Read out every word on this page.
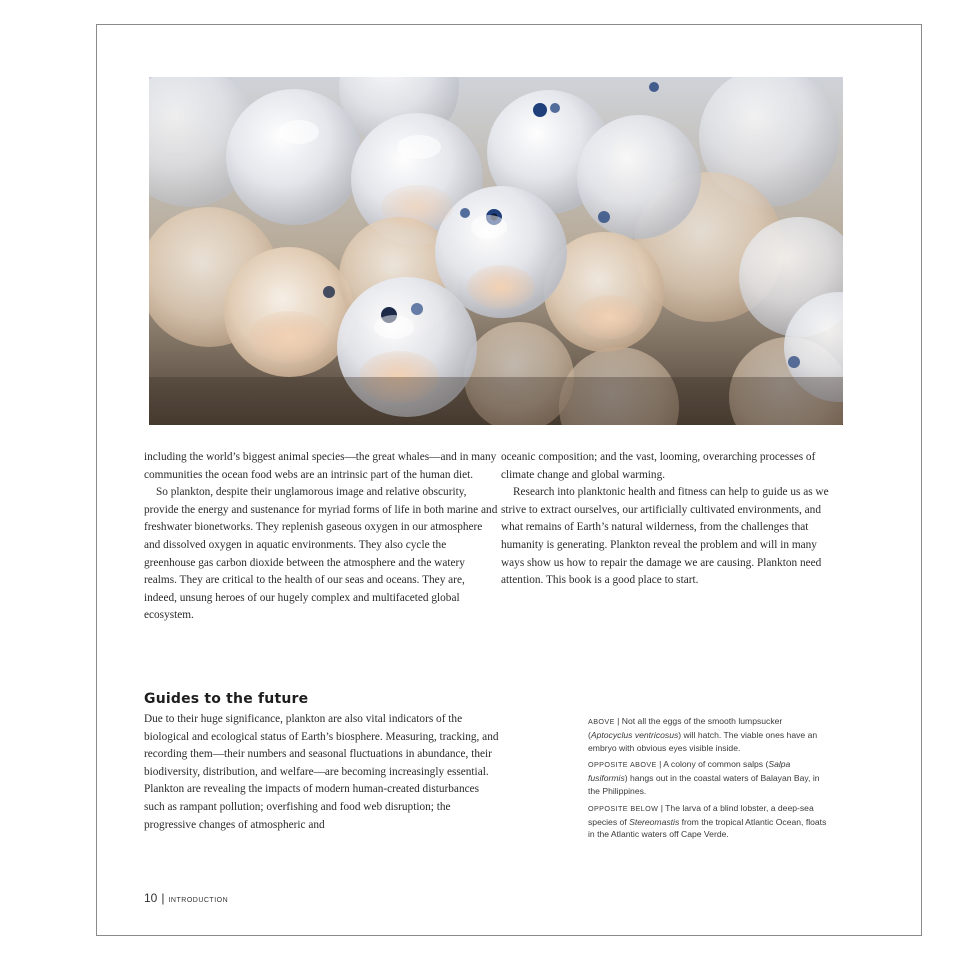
including the world’s biggest animal species—the great whales—and in many communities the ocean food webs are an intrinsic part of the human diet.

So plankton, despite their unglamorous image and relative obscurity, provide the energy and sustenance for myriad forms of life in both marine and freshwater bionetworks. They replenish gaseous oxygen in our atmosphere and dissolved oxygen in aquatic environments. They also cycle the greenhouse gas carbon dioxide between the atmosphere and the watery realms. They are critical to the health of our seas and oceans. They are, indeed, unsung heroes of our hugely complex and multifaceted global ecosystem.

oceanic composition; and the vast, looming, overarching processes of climate change and global warming.

Research into planktonic health and fitness can help to guide us as we strive to extract ourselves, our artificially cultivated environments, and what remains of Earth’s natural wilderness, from the challenges that humanity is generating. Plankton reveal the problem and will in many ways show us how to repair the damage we are causing. Plankton need attention. This book is a good place to start.

Guides to the future

Due to their huge significance, plankton are also vital indicators of the biological and ecological status of Earth’s biosphere. Measuring, tracking, and recording them—their numbers and seasonal fluctuations in abundance, their biodiversity, distribution, and welfare—are becoming increasingly essential. Plankton are revealing the impacts of modern human-created disturbances such as rampant pollution; overfishing and food web disruption; the progressive changes of atmospheric and

ABOVE | Not all the eggs of the smooth lumpsucker (Aptocyclus ventricosus) will hatch. The viable ones have an embryo with obvious eyes visible inside.

OPPOSITE ABOVE | A colony of common salps (Salpa fusiformis) hangs out in the coastal waters of Balayan Bay, in the Philippines.

OPPOSITE BELOW | The larva of a blind lobster, a deep-sea species of Stereomastis from the tropical Atlantic Ocean, floats in the Atlantic waters off Cape Verde.

10 | INTRODUCTION
